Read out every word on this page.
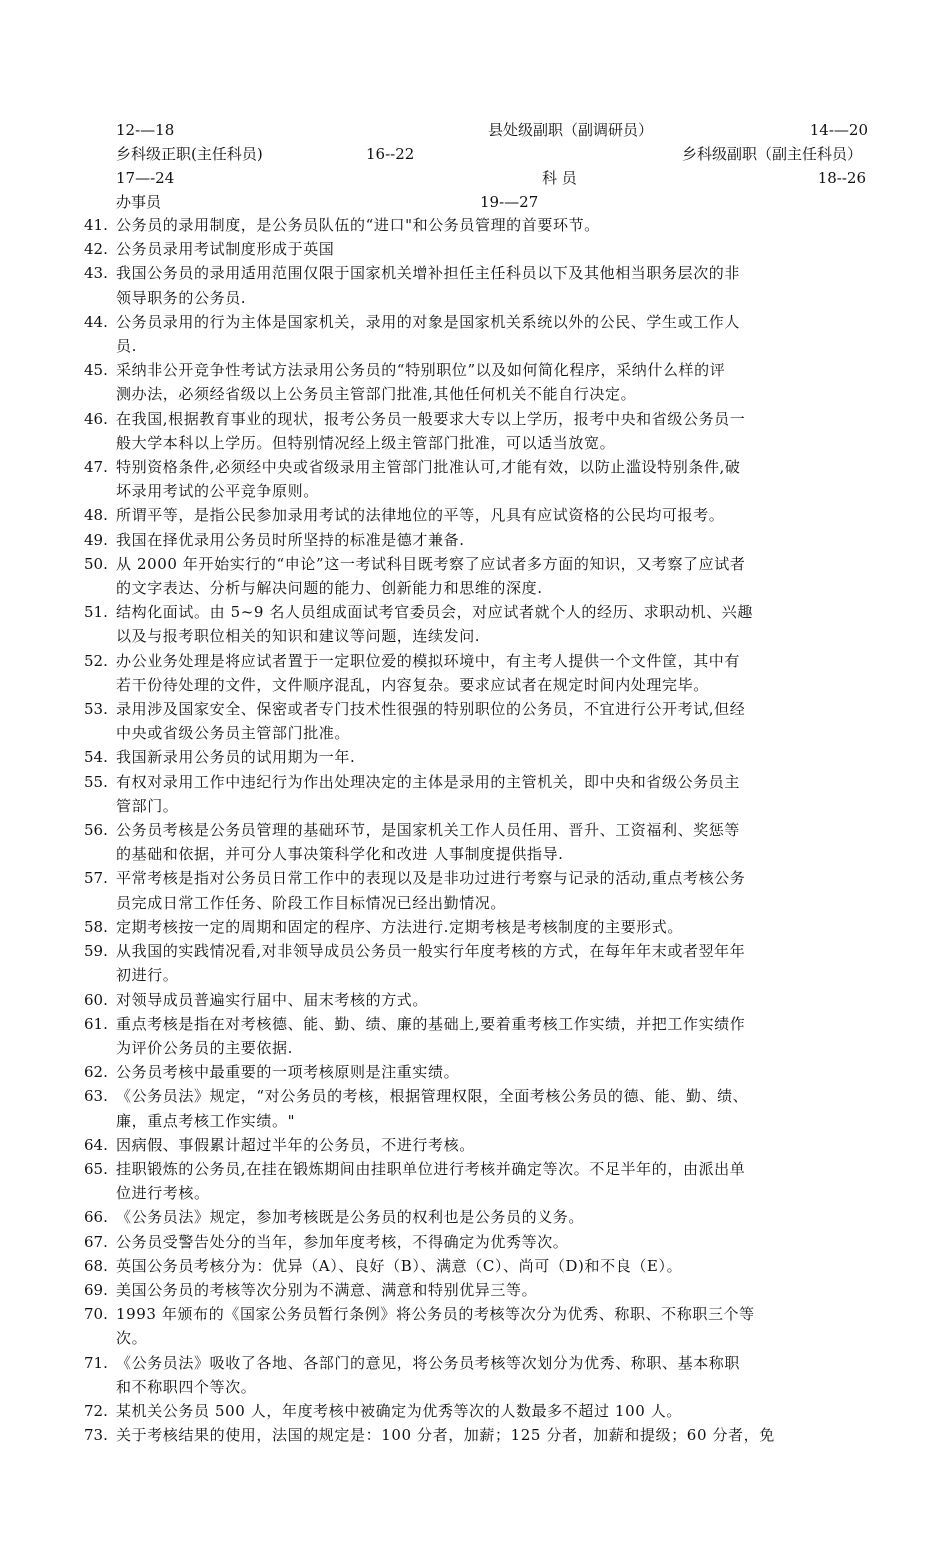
12-—18	县处级副职（副调研员）	14-—20
乡科级正职(主任科员)	16--22	乡科级副职（副主任科员）
17—-24	科 员	18--26
办事员	19-—27
41. 公务员的录用制度，是公务员队伍的“进口"和公务员管理的首要环节。
42. 公务员录用考试制度形成于英国
43. 我国公务员的录用适用范围仅限于国家机关增补担任主任科员以下及其他相当职务层次的非
领导职务的公务员.
44. 公务员录用的行为主体是国家机关，录用的对象是国家机关系统以外的公民、学生或工作人
员.
45. 采纳非公开竞争性考试方法录用公务员的“特别职位”以及如何简化程序，采纳什么样的评
测办法，必须经省级以上公务员主管部门批准,其他任何机关不能自行决定。
46. 在我国,根据教育事业的现状，报考公务员一般要求大专以上学历，报考中央和省级公务员一
般大学本科以上学历。但特别情况经上级主管部门批准，可以适当放宽。
47. 特别资格条件,必须经中央或省级录用主管部门批准认可,才能有效，以防止滥设特别条件,破
坏录用考试的公平竞争原则。
48. 所谓平等，是指公民参加录用考试的法律地位的平等，凡具有应试资格的公民均可报考。
49. 我国在择优录用公务员时所坚持的标准是德才兼备.
50. 从 2000 年开始实行的“申论”这一考试科目既考察了应试者多方面的知识，又考察了应试者
的文字表达、分析与解决问题的能力、创新能力和思维的深度.
51. 结构化面试。由 5~9 名人员组成面试考官委员会，对应试者就个人的经历、求职动机、兴趣
以及与报考职位相关的知识和建议等问题，连续发问.
52. 办公业务处理是将应试者置于一定职位爱的模拟环境中，有主考人提供一个文件筐，其中有
若干份待处理的文件，文件顺序混乱，内容复杂。要求应试者在规定时间内处理完毕。
53. 录用涉及国家安全、保密或者专门技术性很强的特别职位的公务员，不宜进行公开考试,但经
中央或省级公务员主管部门批准。
54. 我国新录用公务员的试用期为一年.
55. 有权对录用工作中违纪行为作出处理决定的主体是录用的主管机关，即中央和省级公务员主
管部门。
56. 公务员考核是公务员管理的基础环节，是国家机关工作人员任用、晋升、工资福利、奖惩等
的基础和依据，并可分人事决策科学化和改进 人事制度提供指导.
57. 平常考核是指对公务员日常工作中的表现以及是非功过进行考察与记录的活动,重点考核公务
员完成日常工作任务、阶段工作目标情况已经出勤情况。
58. 定期考核按一定的周期和固定的程序、方法进行.定期考核是考核制度的主要形式。
59. 从我国的实践情况看,对非领导成员公务员一般实行年度考核的方式，在每年年末或者翌年年
初进行。
60. 对领导成员普遍实行届中、届末考核的方式。
61. 重点考核是指在对考核德、能、勤、绩、廉的基础上,要着重考核工作实绩，并把工作实绩作
为评价公务员的主要依据.
62. 公务员考核中最重要的一项考核原则是注重实绩。
63. 《公务员法》规定，“对公务员的考核，根据管理权限，全面考核公务员的德、能、勤、绩、
廉，重点考核工作实绩。"
64. 因病假、事假累计超过半年的公务员，不进行考核。
65. 挂职锻炼的公务员,在挂在锻炼期间由挂职单位进行考核并确定等次。不足半年的，由派出单
位进行考核。
66. 《公务员法》规定，参加考核既是公务员的权利也是公务员的义务。
67. 公务员受警告处分的当年，参加年度考核，不得确定为优秀等次。
68. 英国公务员考核分为：优异（A）、良好（B）、满意（C）、尚可（D)和不良（E）。
69. 美国公务员的考核等次分别为不满意、满意和特别优异三等。
70. 1993 年颁布的《国家公务员暂行条例》将公务员的考核等次分为优秀、称职、不称职三个等
次。
71. 《公务员法》吸收了各地、各部门的意见，将公务员考核等次划分为优秀、称职、基本称职
和不称职四个等次。
72. 某机关公务员 500 人，年度考核中被确定为优秀等次的人数最多不超过 100 人。
73. 关于考核结果的使用，法国的规定是：100 分者，加薪；125 分者，加薪和提级；60 分者，免
